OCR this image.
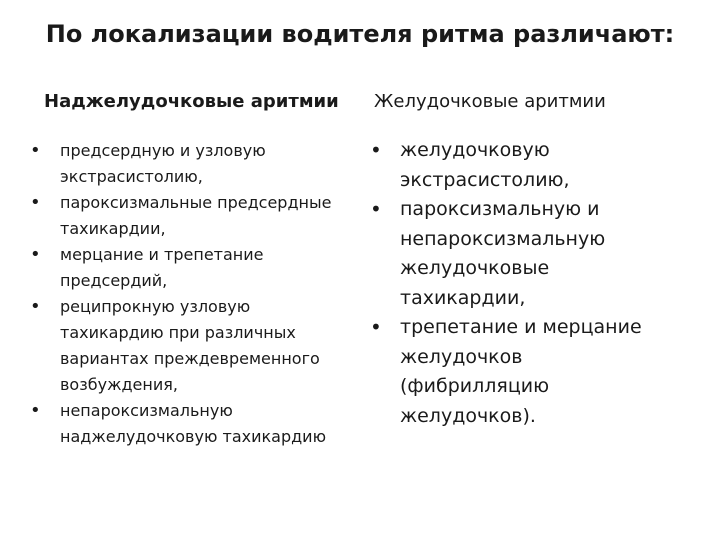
По локализации водителя ритма различают:
Наджелудочковые аритмии Желудочковые аритмии
•	предсердную и узловую
экстрасистолию,
•	пароксизмальные предсердные
тахикардии,
•	мерцание и трепетание
предсердий,
•	реципрокную узловую
тахикардию при различных
вариантах преждевременного
возбуждения,
•	непароксизмальную
наджелудочковую тахикардию
• желудочковую
экстрасистолию,
• пароксизмальную и
непароксизмальную
желудочковые
тахикардии,
• трепетание и мерцание
желудочков
(фибрилляцию
желудочков).
